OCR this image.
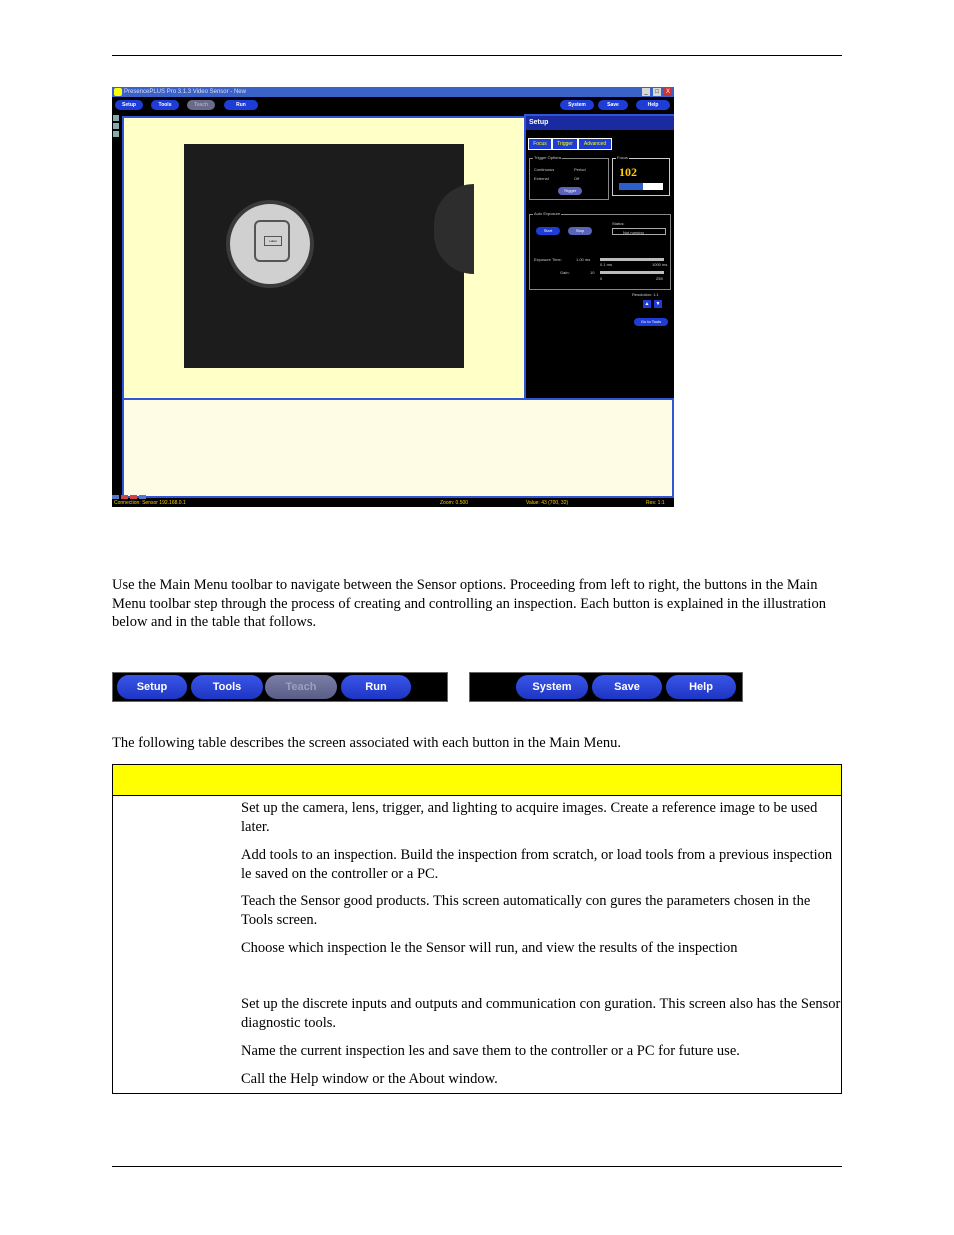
PresencePLUS Pro 3.1.3 Video Sensor - New	_	□	X
Setup	Tools	Teach	Run	System	Save	Help
Label
Setup
Focus	Trigger	Advanced
Trigger Options
Continuous	Period
External	Off
Trigger
Focus
102
Auto Exposure
Start	Stop
Status:
Not running
Exposure Time:	1.00 ms
0.1 ms	1000 ms
Gain:	10
0	255
Resolution: 1:1
▲	▼
Go to Tools
Connection: Sensor 192.168.0.1	Zoom: 0.500	Value: 43 (700, 32)	Res: 1:1

Use the Main Menu toolbar to navigate between the Sensor options. Proceeding from left to right, the buttons in the Main Menu toolbar step through the process of creating and controlling an inspection. Each button is explained in the illustration below and in the table that follows.

Setup	Tools	Teach	Run	System	Save	Help

The following table describes the screen associated with each button in the Main Menu.

Set up the camera, lens, trigger, and lighting to acquire images. Create a reference image to be used later.
Add tools to an inspection. Build the inspection from scratch, or load tools from a previous inspection le saved on the controller or a PC.
Teach the Sensor good products. This screen automatically con gures the parameters chosen in the Tools screen.
Choose which inspection le the Sensor will run, and view the results of the inspection
Set up the discrete inputs and outputs and communication con guration. This screen also has the Sensor diagnostic tools.
Name the current inspection les and save them to the controller or a PC for future use.
Call the Help window or the About window.
